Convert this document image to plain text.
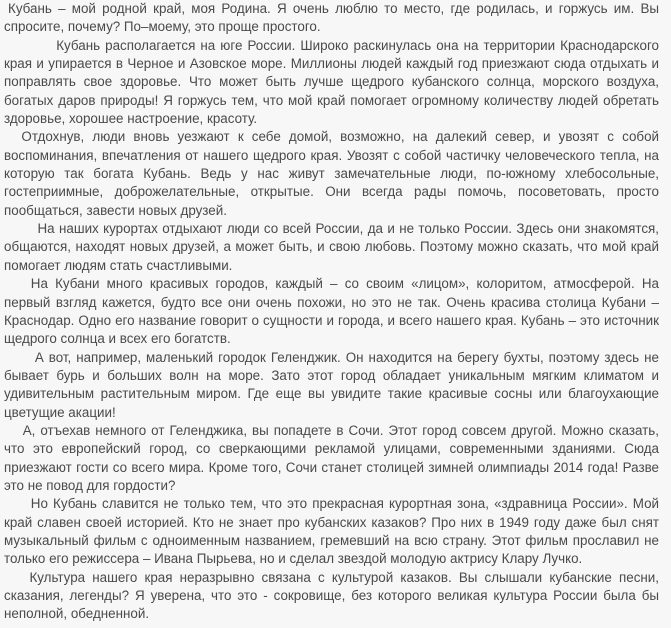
Кубань – мой родной край, моя Родина. Я очень люблю то место, где родилась, и горжусь им. Вы спросите, почему? По–моему, это проще простого.

Кубань располагается на юге России. Широко раскинулась она на территории Краснодарского края и упирается в Черное и Азовское море. Миллионы людей каждый год приезжают сюда отдыхать и поправлять свое здоровье. Что может быть лучше щедрого кубанского солнца, морского воздуха, богатых даров природы! Я горжусь тем, что мой край помогает огромному количеству людей обретать здоровье, хорошее настроение, красоту.

Отдохнув, люди вновь уезжают к себе домой, возможно, на далекий север, и увозят с собой воспоминания, впечатления от нашего щедрого края. Увозят с собой частичку человеческого тепла, на которую так богата Кубань. Ведь у нас живут замечательные люди, по-южному хлебосольные, гостеприимные, доброжелательные, открытые. Они всегда рады помочь, посоветовать, просто пообщаться, завести новых друзей.

На наших курортах отдыхают люди со всей России, да и не только России. Здесь они знакомятся, общаются, находят новых друзей, а может быть, и свою любовь. Поэтому можно сказать, что мой край помогает людям стать счастливыми.

На Кубани много красивых городов, каждый – со своим «лицом», колоритом, атмосферой. На первый взгляд кажется, будто все они очень похожи, но это не так. Очень красива столица Кубани – Краснодар. Одно его название говорит о сущности и города, и всего нашего края. Кубань – это источник щедрого солнца и всех его богатств.

А вот, например, маленький городок Геленджик. Он находится на берегу бухты, поэтому здесь не бывает бурь и больших волн на море. Зато этот город обладает уникальным мягким климатом и удивительным растительным миром. Где еще вы увидите такие красивые сосны или благоухающие цветущие акации!

А, отъехав немного от Геленджика, вы попадете в Сочи. Этот город совсем другой. Можно сказать, что это европейский город, со сверкающими рекламой улицами, современными зданиями. Сюда приезжают гости со всего мира. Кроме того, Сочи станет столицей зимней олимпиады 2014 года! Разве это не повод для гордости?

Но Кубань славится не только тем, что это прекрасная курортная зона, «здравница России». Мой край славен своей историей. Кто не знает про кубанских казаков? Про них в 1949 году даже был снят музыкальный фильм с одноименным названием, гремевший на всю страну. Этот фильм прославил не только его режиссера – Ивана Пырьева, но и сделал звездой молодую актрису Клару Лучко.

Культура нашего края неразрывно связана с культурой казаков. Вы слышали кубанские песни, сказания, легенды? Я уверена, что это - сокровище, без которого великая культура России была бы неполной, обедненной.
